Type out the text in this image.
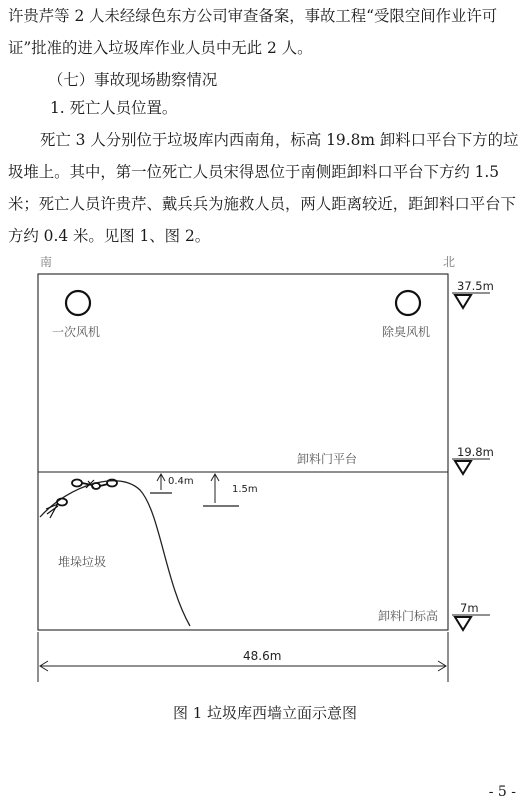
许贵芹等 2 人未经绿色东方公司审查备案，事故工程“受限空间作业许可证”批准的进入垃圾库作业人员中无此 2 人。

（七）事故现场勘察情况
1. 死亡人员位置。

死亡 3 人分别位于垃圾库内西南角，标高 19.8m 卸料口平台下方的垃圾堆上。其中，第一位死亡人员宋得恩位于南侧距卸料口平台下方约 1.5 米；死亡人员许贵芹、戴兵兵为施救人员，两人距离较近，距卸料口平台下方约 0.4 米。见图 1、图 2。

南	北
一次风机	除臭风机
卸料门平台
37.5m
19.8m
7m
堆垛垃圾
0.4m
1.5m
卸料门标高
48.6m
图 1 垃圾库西墙立面示意图
- 5 -
